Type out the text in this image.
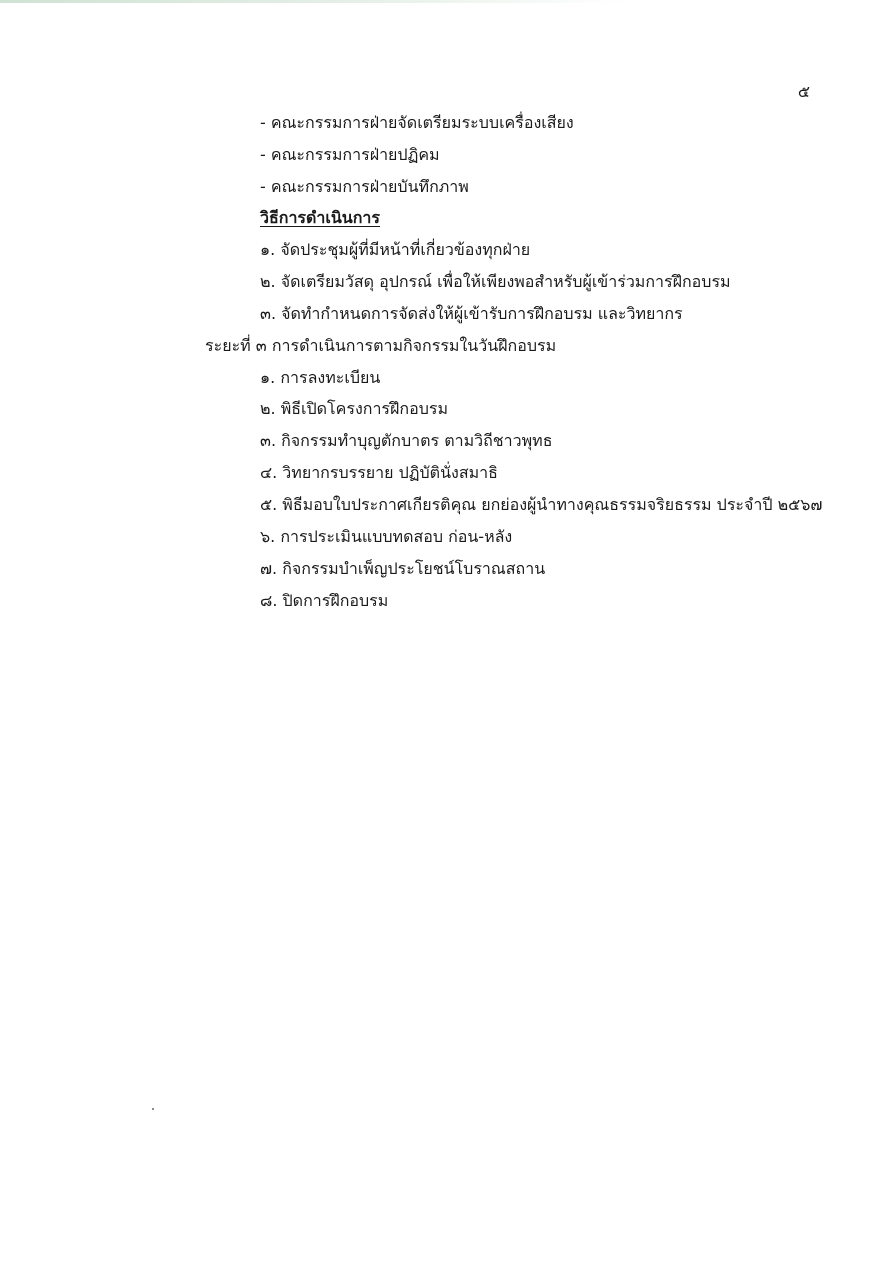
๕
- คณะกรรมการฝ่ายจัดเตรียมระบบเครื่องเสียง
- คณะกรรมการฝ่ายปฏิคม
- คณะกรรมการฝ่ายบันทึกภาพ
วิธีการดำเนินการ
๑. จัดประชุมผู้ที่มีหน้าที่เกี่ยวข้องทุกฝ่าย
๒. จัดเตรียมวัสดุ อุปกรณ์ เพื่อให้เพียงพอสำหรับผู้เข้าร่วมการฝึกอบรม
๓. จัดทำกำหนดการจัดส่งให้ผู้เข้ารับการฝึกอบรม และวิทยากร
ระยะที่ ๓ การดำเนินการตามกิจกรรมในวันฝึกอบรม
๑. การลงทะเบียน
๒. พิธีเปิดโครงการฝึกอบรม
๓. กิจกรรมทำบุญตักบาตร ตามวิถีชาวพุทธ
๔. วิทยากรบรรยาย ปฏิบัตินั่งสมาธิ
๕. พิธีมอบใบประกาศเกียรติคุณ ยกย่องผู้นำทางคุณธรรมจริยธรรม ประจำปี ๒๕๖๗
๖. การประเมินแบบทดสอบ ก่อน-หลัง
๗. กิจกรรมบำเพ็ญประโยชน์โบราณสถาน
๘. ปิดการฝึกอบรม
